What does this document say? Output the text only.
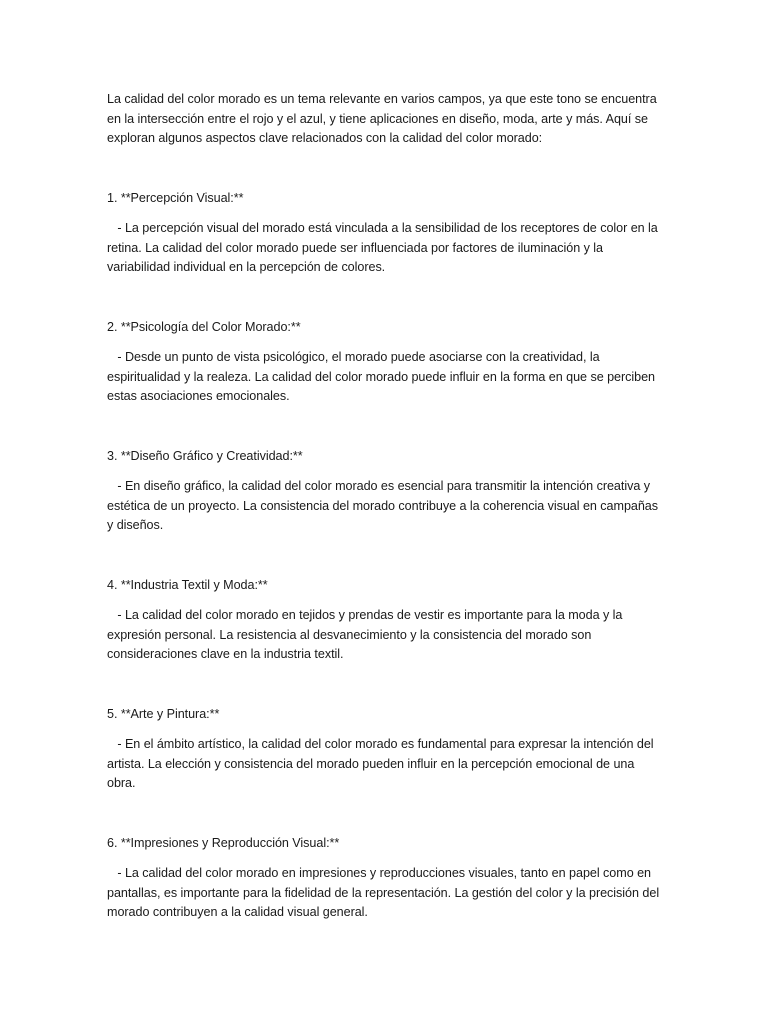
La calidad del color morado es un tema relevante en varios campos, ya que este tono se encuentra en la intersección entre el rojo y el azul, y tiene aplicaciones en diseño, moda, arte y más. Aquí se exploran algunos aspectos clave relacionados con la calidad del color morado:

1. **Percepción Visual:**

- La percepción visual del morado está vinculada a la sensibilidad de los receptores de color en la retina. La calidad del color morado puede ser influenciada por factores de iluminación y la variabilidad individual en la percepción de colores.

2. **Psicología del Color Morado:**

- Desde un punto de vista psicológico, el morado puede asociarse con la creatividad, la espiritualidad y la realeza. La calidad del color morado puede influir en la forma en que se perciben estas asociaciones emocionales.

3. **Diseño Gráfico y Creatividad:**

- En diseño gráfico, la calidad del color morado es esencial para transmitir la intención creativa y estética de un proyecto. La consistencia del morado contribuye a la coherencia visual en campañas y diseños.

4. **Industria Textil y Moda:**

- La calidad del color morado en tejidos y prendas de vestir es importante para la moda y la expresión personal. La resistencia al desvanecimiento y la consistencia del morado son consideraciones clave en la industria textil.

5. **Arte y Pintura:**

- En el ámbito artístico, la calidad del color morado es fundamental para expresar la intención del artista. La elección y consistencia del morado pueden influir en la percepción emocional de una obra.

6. **Impresiones y Reproducción Visual:**

- La calidad del color morado en impresiones y reproducciones visuales, tanto en papel como en pantallas, es importante para la fidelidad de la representación. La gestión del color y la precisión del morado contribuyen a la calidad visual general.
